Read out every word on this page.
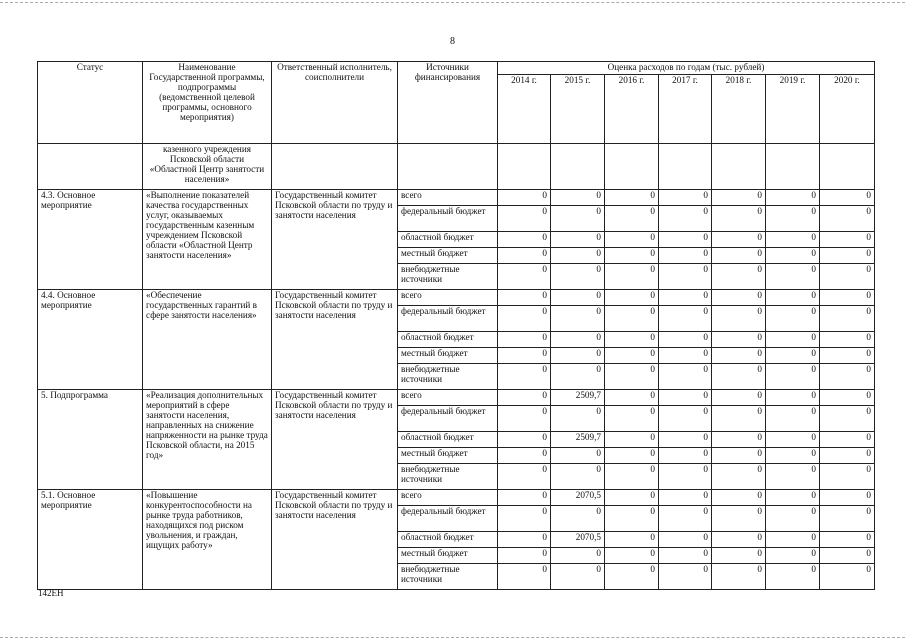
8
Статус	Наименование Государственной программы, подпрограммы (ведомственной целевой программы, основного мероприятия)	Ответственный исполнитель, соисполнители	Источники финансирования	Оценка расходов по годам (тыс. рублей)						
				2014 г.	2015 г.	2016 г.	2017 г.	2018 г.	2019 г.	2020 г.
	казенного учреждения Псковской области «Областной Центр занятости населения»									
4.3. Основное мероприятие	«Выполнение показателей качества государственных услуг, оказываемых государственным казенным учреждением Псковской области «Областной Центр занятости населения»	Государственный комитет Псковской области по труду и занятости населения	всего	0	0	0	0	0	0	0
			федеральный бюджет	0	0	0	0	0	0	0
			областной бюджет	0	0	0	0	0	0	0
			местный бюджет	0	0	0	0	0	0	0
			внебюджетные источники	0	0	0	0	0	0	0
4.4. Основное мероприятие	«Обеспечение государственных гарантий в сфере занятости населения»	Государственный комитет Псковской области по труду и занятости населения	всего	0	0	0	0	0	0	0
			федеральный бюджет	0	0	0	0	0	0	0
			областной бюджет	0	0	0	0	0	0	0
			местный бюджет	0	0	0	0	0	0	0
			внебюджетные источники	0	0	0	0	0	0	0
5. Подпрограмма	«Реализация дополнительных мероприятий в сфере занятости населения, направленных на снижение напряженности на рынке труда Псковской области, на 2015 год»	Государственный комитет Псковской области по труду и занятости населения	всего	0	2509,7	0	0	0	0	0
			федеральный бюджет	0	0	0	0	0	0	0
			областной бюджет	0	2509,7	0	0	0	0	0
			местный бюджет	0	0	0	0	0	0	0
			внебюджетные источники	0	0	0	0	0	0	0
5.1. Основное мероприятие	«Повышение конкурентоспособности на рынке труда работников, находящихся под риском увольнения, и граждан, ищущих работу»	Государственный комитет Псковской области по труду и занятости населения	всего	0	2070,5	0	0	0	0	0
			федеральный бюджет	0	0	0	0	0	0	0
			областной бюджет	0	2070,5	0	0	0	0	0
			местный бюджет	0	0	0	0	0	0	0
			внебюджетные источники	0	0	0	0	0	0	0
142EH
